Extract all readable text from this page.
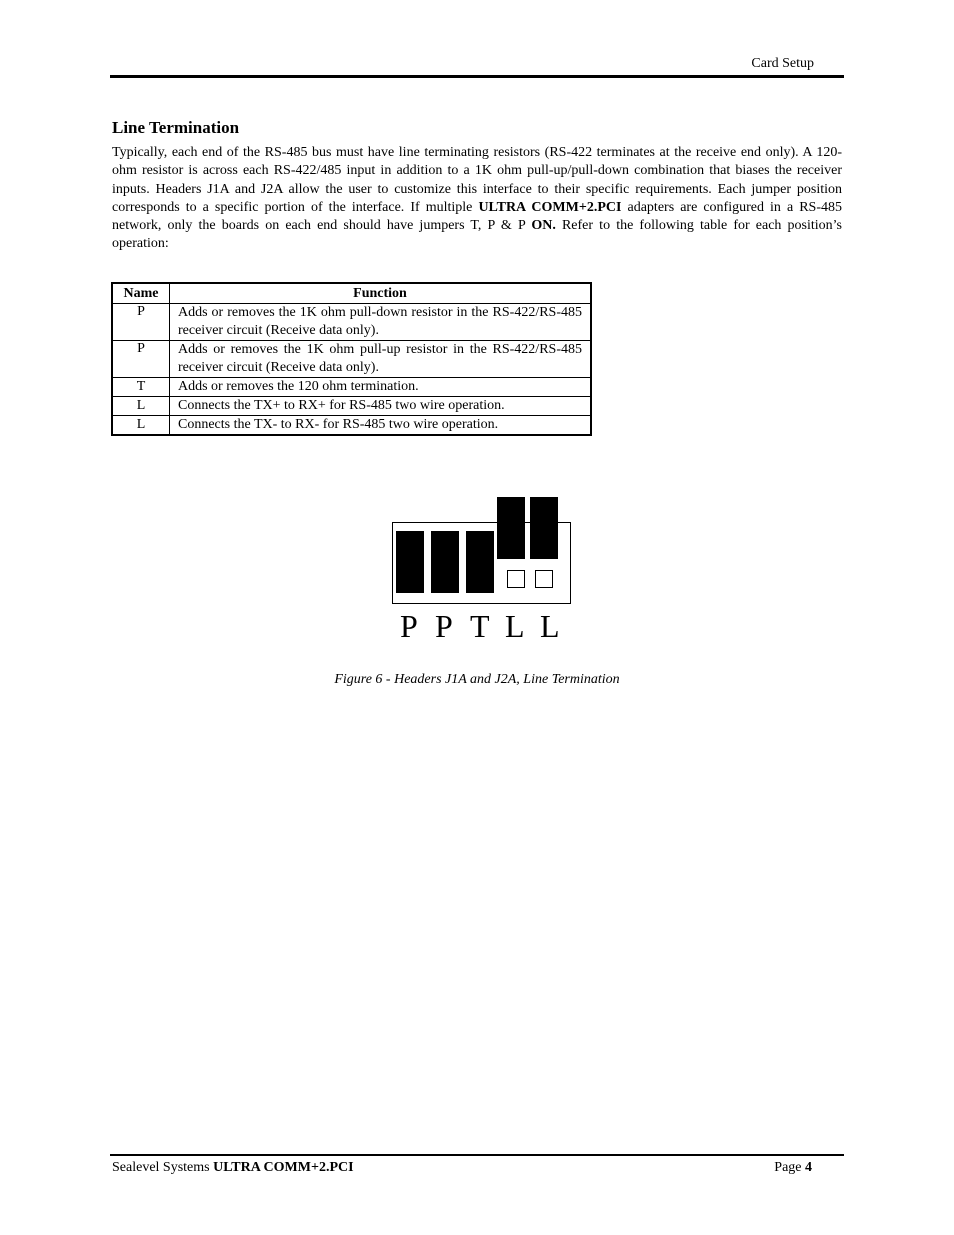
Card Setup
Line Termination

Typically, each end of the RS-485 bus must have line terminating resistors (RS-422 terminates at the receive end only). A 120-ohm resistor is across each RS-422/485 input in addition to a 1K ohm pull-up/pull-down combination that biases the receiver inputs. Headers J1A and J2A allow the user to customize this interface to their specific requirements. Each jumper position corresponds to a specific portion of the interface. If multiple ULTRA COMM+2.PCI adapters are configured in a RS-485 network, only the boards on each end should have jumpers T, P & P ON. Refer to the following table for each position’s operation:

Name	Function
P	Adds or removes the 1K ohm pull-down resistor in the RS-422/RS-485 receiver circuit (Receive data only).
P	Adds or removes the 1K ohm pull-up resistor in the RS-422/RS-485 receiver circuit (Receive data only).
T	Adds or removes the 120 ohm termination.
L	Connects the TX+ to RX+ for RS-485 two wire operation.
L	Connects the TX- to RX- for RS-485 two wire operation.
P P T L L
Figure 6 - Headers J1A and J2A, Line Termination
Sealevel Systems ULTRA COMM+2.PCI	Page 4
